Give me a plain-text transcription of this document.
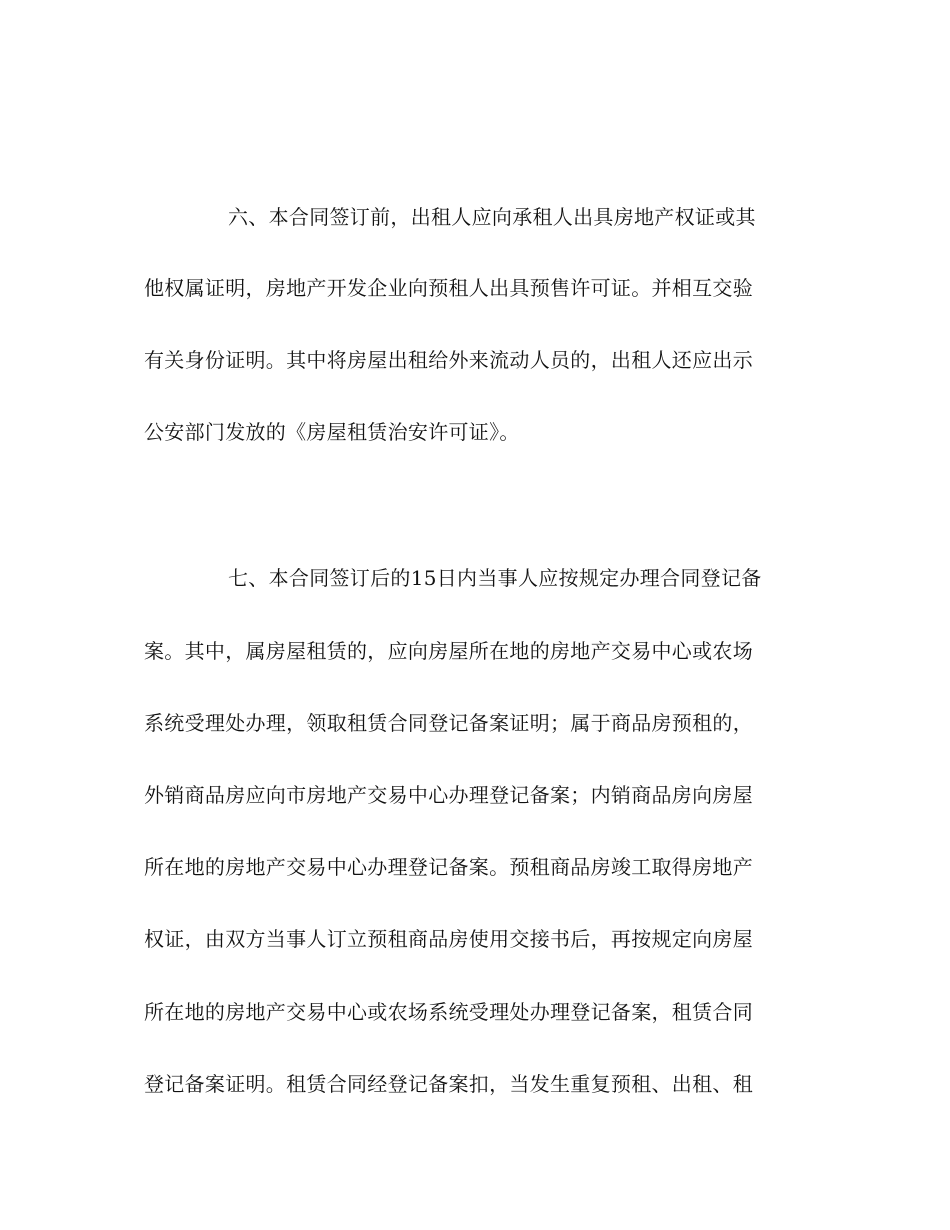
六、本合同签订前，出租人应向承租人出具房地产权证或其
他权属证明，房地产开发企业向预租人出具预售许可证。并相互交验
有关身份证明。其中将房屋出租给外来流动人员的，出租人还应出示
公安部门发放的《房屋租赁治安许可证》。
七、本合同签订后的15日内当事人应按规定办理合同登记备
案。其中，属房屋租赁的，应向房屋所在地的房地产交易中心或农场
系统受理处办理，领取租赁合同登记备案证明；属于商品房预租的，
外销商品房应向市房地产交易中心办理登记备案；内销商品房向房屋
所在地的房地产交易中心办理登记备案。预租商品房竣工取得房地产
权证，由双方当事人订立预租商品房使用交接书后，再按规定向房屋
所在地的房地产交易中心或农场系统受理处办理登记备案，租赁合同
登记备案证明。租赁合同经登记备案扣，当发生重复预租、出租、租
